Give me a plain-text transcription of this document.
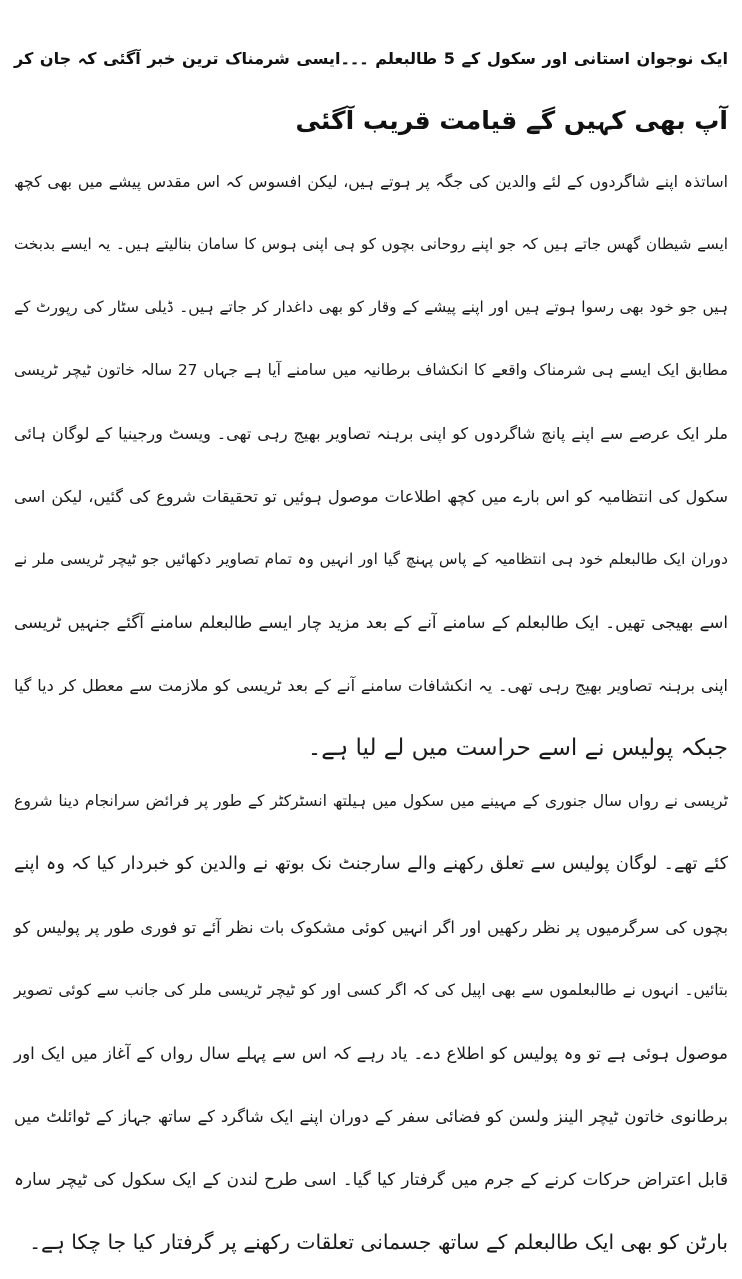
ایک نوجوان استانی اور سکول کے 5 طالبعلم ۔۔۔ایسی شرمناک ترین خبر آگئی کہ جان کر
آپ بھی کہیں گے قیامت قریب آگئی

اساتذہ اپنے شاگردوں کے لئے والدین کی جگہ پر ہوتے ہیں، لیکن افسوس کہ اس مقدس پیشے میں بھی کچھ
ایسے شیطان گھس جاتے ہیں کہ جو اپنے روحانی بچوں کو ہی اپنی ہوس کا سامان بنالیتے ہیں۔ یہ ایسے بدبخت
ہیں جو خود بھی رسوا ہوتے ہیں اور اپنے پیشے کے وقار کو بھی داغدار کر جاتے ہیں۔ ڈیلی سٹار کی رپورٹ کے
مطابق ایک ایسے ہی شرمناک واقعے کا انکشاف برطانیہ میں سامنے آیا ہے جہاں 27 سالہ خاتون ٹیچر ٹریسی
ملر ایک عرصے سے اپنے پانچ شاگردوں کو اپنی برہنہ تصاویر بھیج رہی تھی۔ ویسٹ ورجینیا کے لوگان ہائی
سکول کی انتظامیہ کو اس بارے میں کچھ اطلاعات موصول ہوئیں تو تحقیقات شروع کی گئیں، لیکن اسی
دوران ایک طالبعلم خود ہی انتظامیہ کے پاس پہنچ گیا اور انہیں وہ تمام تصاویر دکھائیں جو ٹیچر ٹریسی ملر نے
اسے بھیجی تھیں۔ ایک طالبعلم کے سامنے آنے کے بعد مزید چار ایسے طالبعلم سامنے آگئے جنہیں ٹریسی
اپنی برہنہ تصاویر بھیج رہی تھی۔ یہ انکشافات سامنے آنے کے بعد ٹریسی کو ملازمت سے معطل کر دیا گیا
جبکہ پولیس نے اسے حراست میں لے لیا ہے۔

ٹریسی نے رواں سال جنوری کے مہینے میں سکول میں ہیلتھ انسٹرکٹر کے طور پر فرائض سرانجام دینا شروع
کئے تھے۔ لوگان پولیس سے تعلق رکھنے والے سارجنٹ نک بوتھ نے والدین کو خبردار کیا کہ وہ اپنے
بچوں کی سرگرمیوں پر نظر رکھیں اور اگر انہیں کوئی مشکوک بات نظر آئے تو فوری طور پر پولیس کو
بتائیں۔ انہوں نے طالبعلموں سے بھی اپیل کی کہ اگر کسی اور کو ٹیچر ٹریسی ملر کی جانب سے کوئی تصویر
موصول ہوئی ہے تو وہ پولیس کو اطلاع دے۔ یاد رہے کہ اس سے پہلے سال رواں کے آغاز میں ایک اور
برطانوی خاتون ٹیچر الینز ولسن کو فضائی سفر کے دوران اپنے ایک شاگرد کے ساتھ جہاز کے ٹوائلٹ میں
قابل اعتراض حرکات کرنے کے جرم میں گرفتار کیا گیا۔ اسی طرح لندن کے ایک سکول کی ٹیچر سارہ
بارٹن کو بھی ایک طالبعلم کے ساتھ جسمانی تعلقات رکھنے پر گرفتار کیا جا چکا ہے۔
